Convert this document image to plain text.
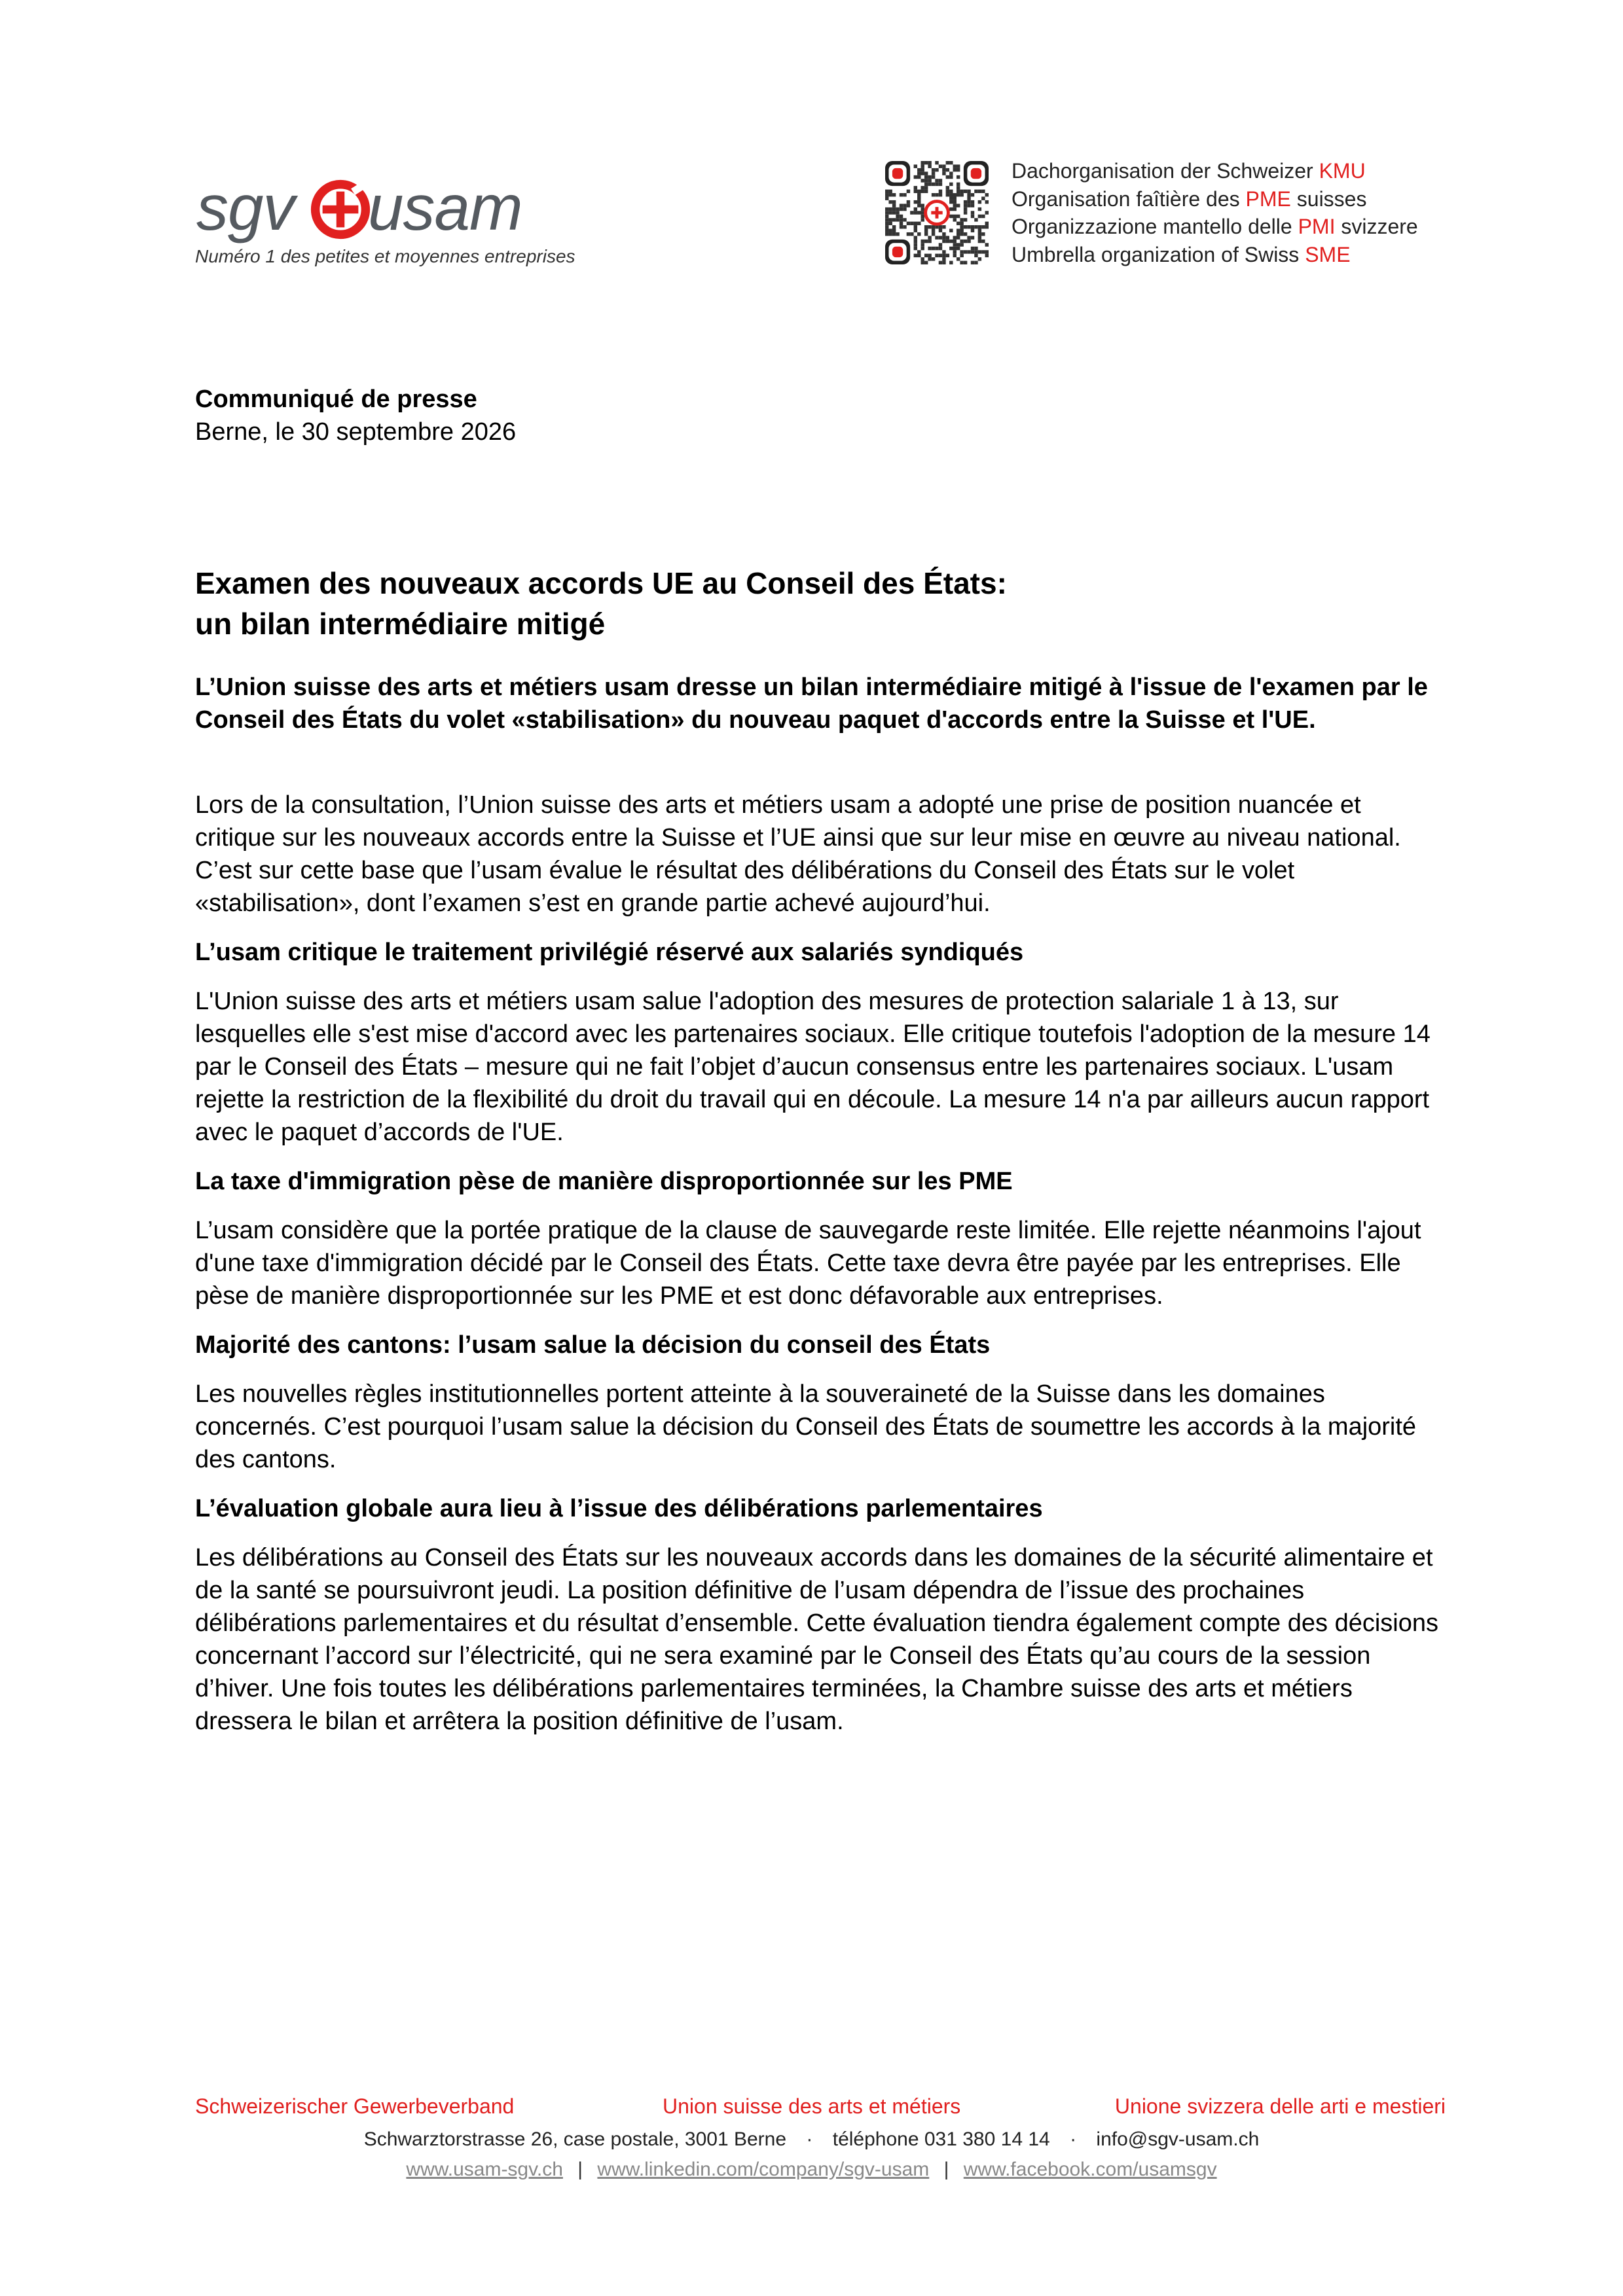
sgv usam
Numéro 1 des petites et moyennes entreprises
Dachorganisation der Schweizer KMU
Organisation faîtière des PME suisses
Organizzazione mantello delle PMI svizzere
Umbrella organization of Swiss SME

Communiqué de presse

Berne, le 30 septembre 2026

Examen des nouveaux accords UE au Conseil des États:
un bilan intermédiaire mitigé

L’Union suisse des arts et métiers usam dresse un bilan intermédiaire mitigé à l'issue de l'examen par le Conseil des États du volet «stabilisation» du nouveau paquet d'accords entre la Suisse et l'UE.

Lors de la consultation, l’Union suisse des arts et métiers usam a adopté une prise de position nuancée et critique sur les nouveaux accords entre la Suisse et l’UE ainsi que sur leur mise en œuvre au niveau national. C’est sur cette base que l’usam évalue le résultat des délibérations du Conseil des États sur le volet «stabilisation», dont l’examen s’est en grande partie achevé aujourd’hui.

L’usam critique le traitement privilégié réservé aux salariés syndiqués

L'Union suisse des arts et métiers usam salue l'adoption des mesures de protection salariale 1 à 13, sur lesquelles elle s'est mise d'accord avec les partenaires sociaux. Elle critique toutefois l'adoption de la mesure 14 par le Conseil des États – mesure qui ne fait l’objet d’aucun consensus entre les partenaires sociaux. L'usam rejette la restriction de la flexibilité du droit du travail qui en découle. La mesure 14 n'a par ailleurs aucun rapport avec le paquet d’accords de l'UE.

La taxe d'immigration pèse de manière disproportionnée sur les PME

L’usam considère que la portée pratique de la clause de sauvegarde reste limitée. Elle rejette néanmoins l'ajout d'une taxe d'immigration décidé par le Conseil des États. Cette taxe devra être payée par les entreprises. Elle pèse de manière disproportionnée sur les PME et est donc défavorable aux entreprises.

Majorité des cantons: l’usam salue la décision du conseil des États

Les nouvelles règles institutionnelles portent atteinte à la souveraineté de la Suisse dans les domaines concernés. C’est pourquoi l’usam salue la décision du Conseil des États de soumettre les accords à la majorité des cantons.

L’évaluation globale aura lieu à l’issue des délibérations parlementaires

Les délibérations au Conseil des États sur les nouveaux accords dans les domaines de la sécurité alimentaire et de la santé se poursuivront jeudi. La position définitive de l’usam dépendra de l’issue des prochaines délibérations parlementaires et du résultat d’ensemble. Cette évaluation tiendra également compte des décisions concernant l’accord sur l’électricité, qui ne sera examiné par le Conseil des États qu’au cours de la session d’hiver. Une fois toutes les délibérations parlementaires terminées, la Chambre suisse des arts et métiers dressera le bilan et arrêtera la position définitive de l’usam.

Schweizerischer Gewerbeverband	Union suisse des arts et métiers	Unione svizzera delle arti e mestieri
Schwarztorstrasse 26, case postale, 3001 Berne · téléphone 031 380 14 14 · info@sgv-usam.ch
www.usam-sgv.ch | www.linkedin.com/company/sgv-usam | www.facebook.com/usamsgv
